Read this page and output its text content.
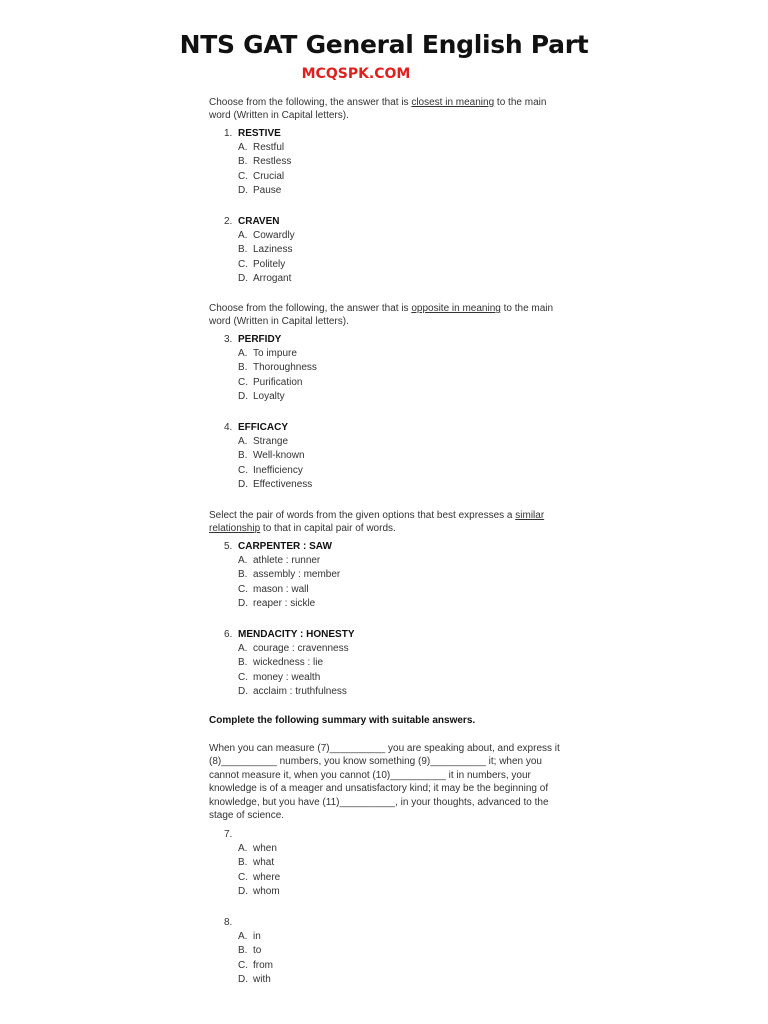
NTS GAT General English Part
MCQSPK.COM
Choose from the following, the answer that is closest in meaning to the main word (Written in Capital letters).
1. RESTIVE
A. Restful
B. Restless
C. Crucial
D. Pause
2. CRAVEN
A. Cowardly
B. Laziness
C. Politely
D. Arrogant
Choose from the following, the answer that is opposite in meaning to the main word (Written in Capital letters).
3. PERFIDY
A. To impure
B. Thoroughness
C. Purification
D. Loyalty
4. EFFICACY
A. Strange
B. Well-known
C. Inefficiency
D. Effectiveness
Select the pair of words from the given options that best expresses a similar relationship to that in capital pair of words.
5. CARPENTER : SAW
A. athlete : runner
B. assembly : member
C. mason : wall
D. reaper : sickle
6. MENDACITY : HONESTY
A. courage : cravenness
B. wickedness : lie
C. money : wealth
D. acclaim : truthfulness
Complete the following summary with suitable answers.
When you can measure (7)__________ you are speaking about, and express it (8)__________ numbers, you know something (9)__________ it; when you cannot measure it, when you cannot (10)__________ it in numbers, your knowledge is of a meager and unsatisfactory kind; it may be the beginning of knowledge, but you have (11)__________, in your thoughts, advanced to the stage of science.
7.
A. when
B. what
C. where
D. whom
8.
A. in
B. to
C. from
D. with
